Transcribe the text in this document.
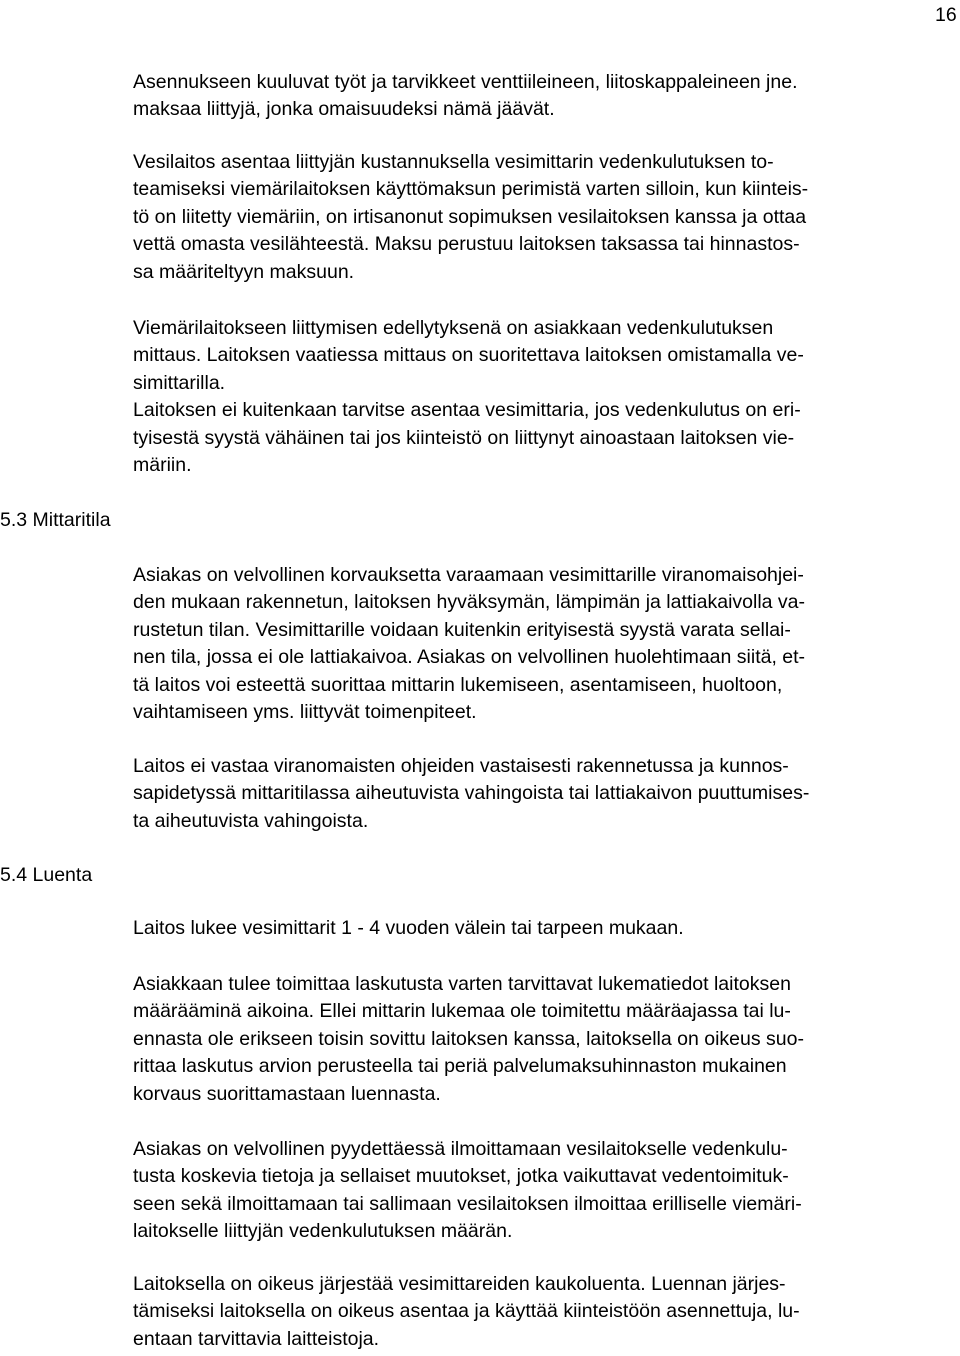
16
5.3 Mittaritila
5.4 Luenta

Asennukseen kuuluvat työt ja tarvikkeet venttiileineen, liitoskappaleineen jne.
maksaa liittyjä, jonka omaisuudeksi nämä jäävät.

Vesilaitos asentaa liittyjän kustannuksella vesimittarin vedenkulutuksen to-
teamiseksi viemärilaitoksen käyttömaksun perimistä varten silloin, kun kiinteis-
tö on liitetty viemäriin, on irtisanonut sopimuksen vesilaitoksen kanssa ja ottaa
vettä omasta vesilähteestä. Maksu perustuu laitoksen taksassa tai hinnastos-
sa määriteltyyn maksuun.

Viemärilaitokseen liittymisen edellytyksenä on asiakkaan vedenkulutuksen
mittaus. Laitoksen vaatiessa mittaus on suoritettava laitoksen omistamalla ve-
simittarilla.
Laitoksen ei kuitenkaan tarvitse asentaa vesimittaria, jos vedenkulutus on eri-
tyisestä syystä vähäinen tai jos kiinteistö on liittynyt ainoastaan laitoksen vie-
märiin.

Asiakas on velvollinen korvauksetta varaamaan vesimittarille viranomaisohjei-
den mukaan rakennetun, laitoksen hyväksymän, lämpimän ja lattiakaivolla va-
rustetun tilan. Vesimittarille voidaan kuitenkin erityisestä syystä varata sellai-
nen tila, jossa ei ole lattiakaivoa. Asiakas on velvollinen huolehtimaan siitä, et-
tä laitos voi esteettä suorittaa mittarin lukemiseen, asentamiseen, huoltoon,
vaihtamiseen yms. liittyvät toimenpiteet.

Laitos ei vastaa viranomaisten ohjeiden vastaisesti rakennetussa ja kunnos-
sapidetyssä mittaritilassa aiheutuvista vahingoista tai lattiakaivon puuttumises-
ta aiheutuvista vahingoista.

Laitos lukee vesimittarit 1 - 4 vuoden välein tai tarpeen mukaan.

Asiakkaan tulee toimittaa laskutusta varten tarvittavat lukematiedot laitoksen
määrääminä aikoina. Ellei mittarin lukemaa ole toimitettu määräajassa tai lu-
ennasta ole erikseen toisin sovittu laitoksen kanssa, laitoksella on oikeus suo-
rittaa laskutus arvion perusteella tai periä palvelumaksuhinnaston mukainen
korvaus suorittamastaan luennasta.

Asiakas on velvollinen pyydettäessä ilmoittamaan vesilaitokselle vedenkulu-
tusta koskevia tietoja ja sellaiset muutokset, jotka vaikuttavat vedentoimituk-
seen sekä ilmoittamaan tai sallimaan vesilaitoksen ilmoittaa erilliselle viemäri-
laitokselle liittyjän vedenkulutuksen määrän.

Laitoksella on oikeus järjestää vesimittareiden kaukoluenta. Luennan järjes-
tämiseksi laitoksella on oikeus asentaa ja käyttää kiinteistöön asennettuja, lu-
entaan tarvittavia laitteistoja.
